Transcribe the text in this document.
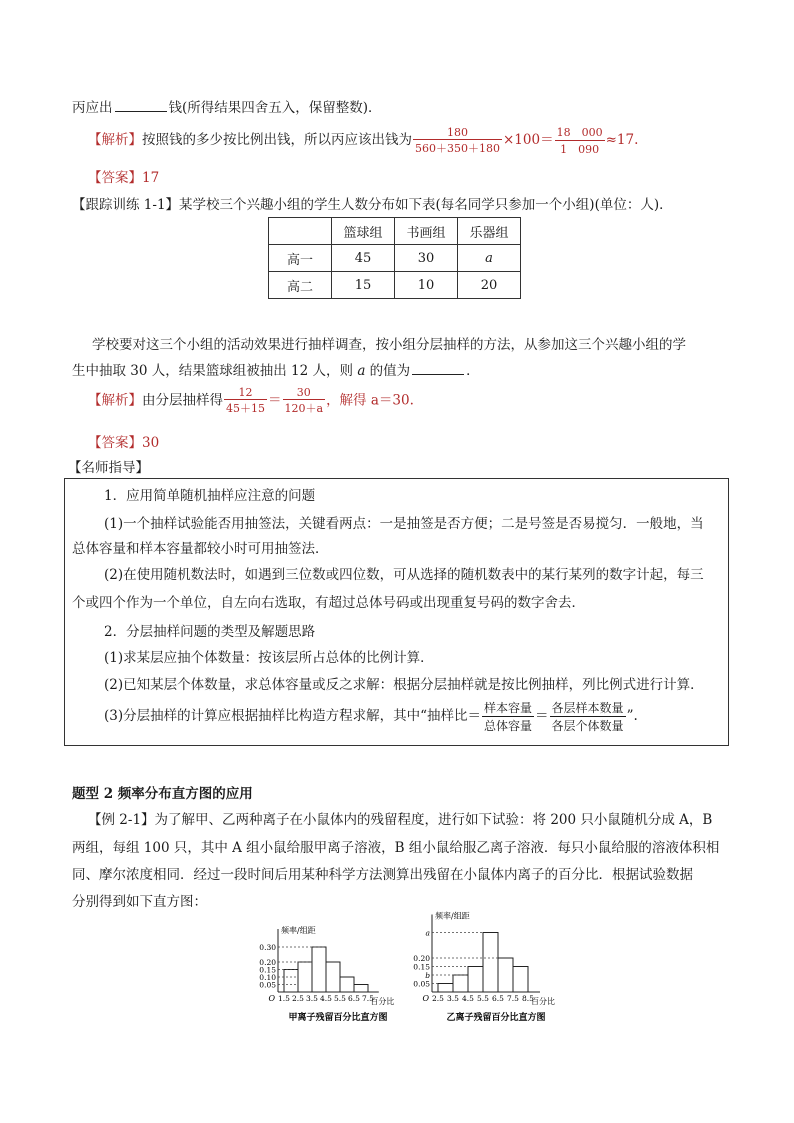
丙应出	钱(所得结果四舍五入，保留整数)．
【解析】按照钱的多少按比例出钱，所以丙应该出钱为 $\frac{180}{560+350+180} \times 100= \frac{18 000}{1 090} \approx 17$.
【答案】17
【跟踪训练 1-1】某学校三个兴趣小组的学生人数分布如下表(每名同学只参加一个小组)(单位：人)．
	篮球组	书画组	乐器组
高一	45	30	a
高二	15	10	20
学校要对这三个小组的活动效果进行抽样调查，按小组分层抽样的方法，从参加这三个兴趣小组的学
生中抽取 30 人，结果篮球组被抽出 12 人，则 a 的值为	．
【解析】由分层抽样得 $\frac{12}{45+15} = \frac{30}{120+a}$ ，解得 a＝30.
【答案】30
【名师指导】
1．应用简单随机抽样应注意的问题
(1)一个抽样试验能否用抽签法，关键看两点：一是抽签是否方便；二是号签是否易搅匀．一般地，当
总体容量和样本容量都较小时可用抽签法．
(2)在使用随机数法时，如遇到三位数或四位数，可从选择的随机数表中的某行某列的数字计起，每三
个或四个作为一个单位，自左向右选取，有超过总体号码或出现重复号码的数字舍去．
2．分层抽样问题的类型及解题思路
(1)求某层应抽个体数量：按该层所占总体的比例计算．
(2)已知某层个体数量，求总体容量或反之求解：根据分层抽样就是按比例抽样，列比例式进行计算．
(3)分层抽样的计算应根据抽样比构造方程求解，其中“抽样比＝ $\frac{\text{样本容量}}{\text{总体容量}} = \frac{\text{各层样本数量}}{\text{各层个体数量}}$ ”.
题型 2 频率分布直方图的应用
【例 2-1】为了解甲、乙两种离子在小鼠体内的残留程度，进行如下试验：将 200 只小鼠随机分成 A，B
两组，每组 100 只，其中 A 组小鼠给服甲离子溶液，B 组小鼠给服乙离子溶液．每只小鼠给服的溶液体积相
同、摩尔浓度相同．经过一段时间后用某种科学方法测算出残留在小鼠体内离子的百分比．根据试验数据
分别得到如下直方图：
O
频率/组距
百分比
0.30
0.20
0.15
0.10
0.05
1.5 2.5 3.5 4.5 5.5 6.5 7.5
甲离子残留百分比直方图
O
频率/组距
百分比
a
0.20
0.15
b
0.05
2.5 3.5 4.5 5.5 6.5 7.5 8.5
乙离子残留百分比直方图
